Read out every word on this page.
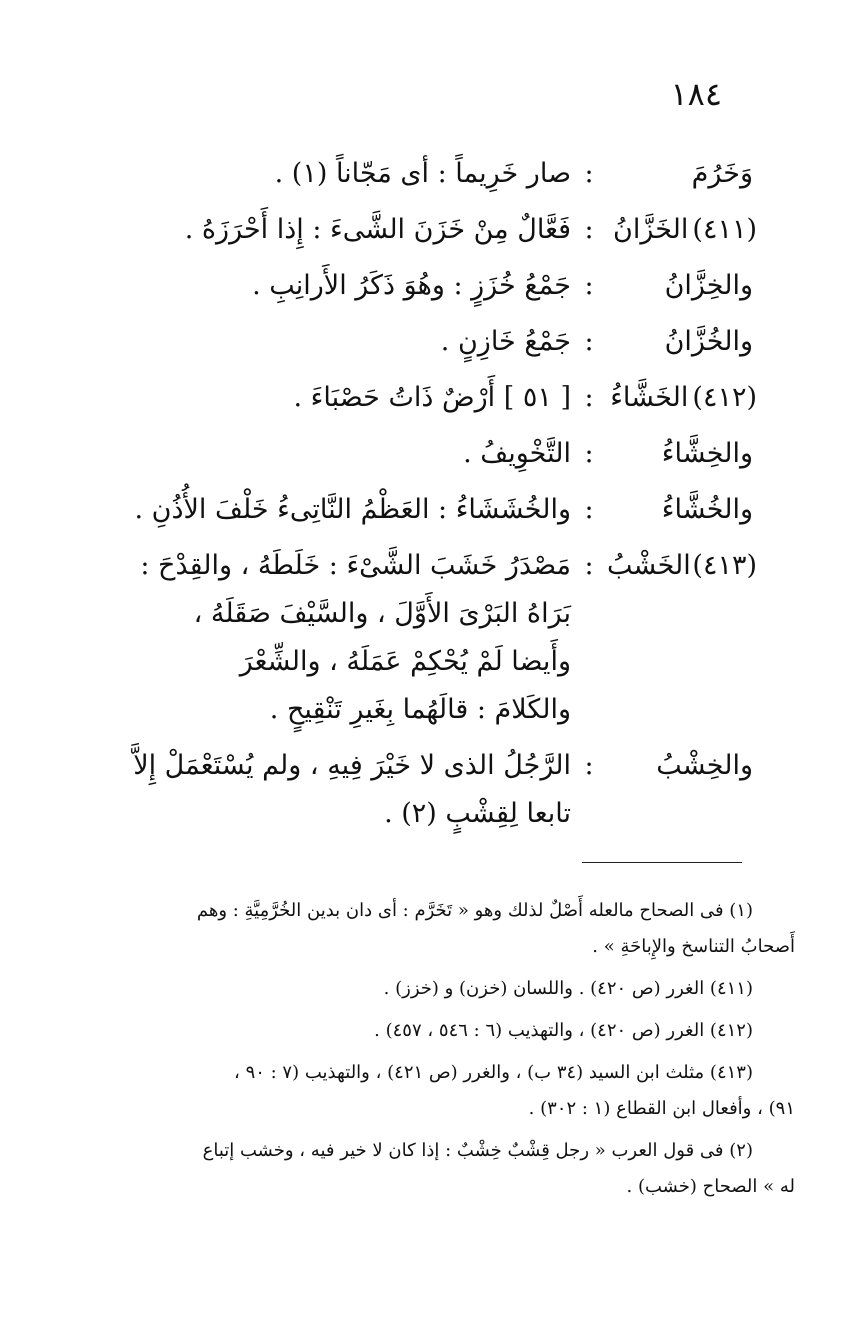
١٨٤
وَخَرُمَ
:
صار خَرِيماً : أى مَجّاناً (١) .
(٤١١)
الخَزَّانُ
:
فَعَّالٌ مِنْ خَزَنَ الشَّىءَ : إِذا أَحْرَزَهُ .
والخِزَّانُ
:
جَمْعُ خُزَزٍ : وهُوَ ذَكَرُ الأَرانِبِ .
والخُزَّانُ
:
جَمْعُ خَازِنٍ .
(٤١٢)
الخَشَّاءُ
:
[ ٥١ ] أَرْضٌ ذَاتُ حَصْبَاءَ .
والخِشَّاءُ
:
التَّخْوِيفُ .
والخُشَّاءُ
:
والخُشَشَاءُ : العَظْمُ النَّاتِىءُ خَلْفَ الأُذُنِ .
(٤١٣)
الخَشْبُ
:
مَصْدَرُ خَشَبَ الشَّىْءَ : خَلَطَهُ ، والقِدْحَ :
بَرَاهُ البَرْىَ الأَوَّلَ ، والسَّيْفَ صَقَلَهُ ،
وأَيضا لَمْ يُحْكِمْ عَمَلَهُ ، والشِّعْرَ
والكَلامَ : قالَهُما بِغَيرِ تَنْقِيحٍ .
والخِشْبُ
:
الرَّجُلُ الذى لا خَيْرَ فِيهِ ، ولم يُسْتَعْمَلْ إِلاَّ
تابعا لِقِشْبٍ (٢) .
(١) فى الصحاح مالعله أَصْلٌ لذلك وهو « تَخَرَّم : أى دان بدين الخُرَّمِيَّةِ : وهم
أَصحابُ التناسخ والإِباحَةِ » .
(٤١١) الغرر (ص ٤٢٠) . واللسان (خزن) و (خزز) .
(٤١٢) الغرر (ص ٤٢٠) ، والتهذيب (٦ : ٥٤٦ ، ٤٥٧) .
(٤١٣) مثلث ابن السيد (٣٤ ب) ، والغرر (ص ٤٢١) ، والتهذيب (٧ : ٩٠ ،
٩١) ، وأفعال ابن القطاع (١ : ٣٠٢) .
(٢) فى قول العرب « رجل قِشْبٌ خِشْبٌ : إذا كان لا خير فيه ، وخشب إتباع
له » الصحاح (خشب) .
